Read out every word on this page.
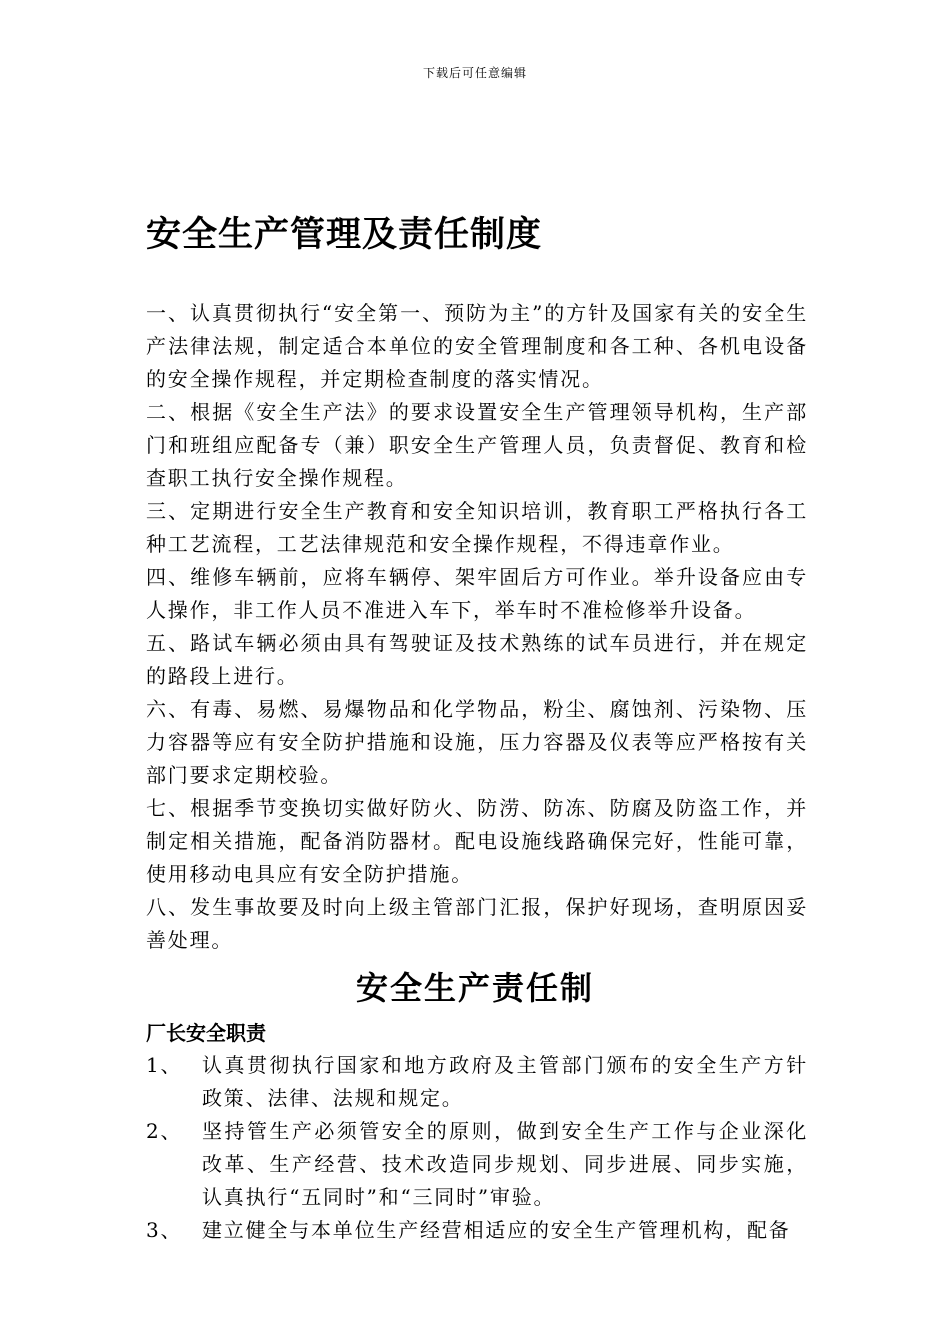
下载后可任意编辑
安全生产管理及责任制度

一、认真贯彻执行“安全第一、预防为主”的方针及国家有关的安全生产法律法规，制定适合本单位的安全管理制度和各工种、各机电设备的安全操作规程，并定期检查制度的落实情况。

二、根据《安全生产法》的要求设置安全生产管理领导机构，生产部门和班组应配备专（兼）职安全生产管理人员，负责督促、教育和检查职工执行安全操作规程。

三、定期进行安全生产教育和安全知识培训，教育职工严格执行各工种工艺流程，工艺法律规范和安全操作规程，不得违章作业。

四、维修车辆前，应将车辆停、架牢固后方可作业。举升设备应由专人操作，非工作人员不准进入车下，举车时不准检修举升设备。

五、路试车辆必须由具有驾驶证及技术熟练的试车员进行，并在规定的路段上进行。

六、有毒、易燃、易爆物品和化学物品，粉尘、腐蚀剂、污染物、压力容器等应有安全防护措施和设施，压力容器及仪表等应严格按有关部门要求定期校验。

七、根据季节变换切实做好防火、防涝、防冻、防腐及防盗工作，并制定相关措施，配备消防器材。配电设施线路确保完好，性能可靠，使用移动电具应有安全防护措施。

八、发生事故要及时向上级主管部门汇报，保护好现场，查明原因妥善处理。

安全生产责任制
厂长安全职责
1、 认真贯彻执行国家和地方政府及主管部门颁布的安全生产方针政策、法律、法规和规定。
2、 坚持管生产必须管安全的原则，做到安全生产工作与企业深化改革、生产经营、技术改造同步规划、同步进展、同步实施，认真执行“五同时”和“三同时”审验。
3、 建立健全与本单位生产经营相适应的安全生产管理机构，配备
